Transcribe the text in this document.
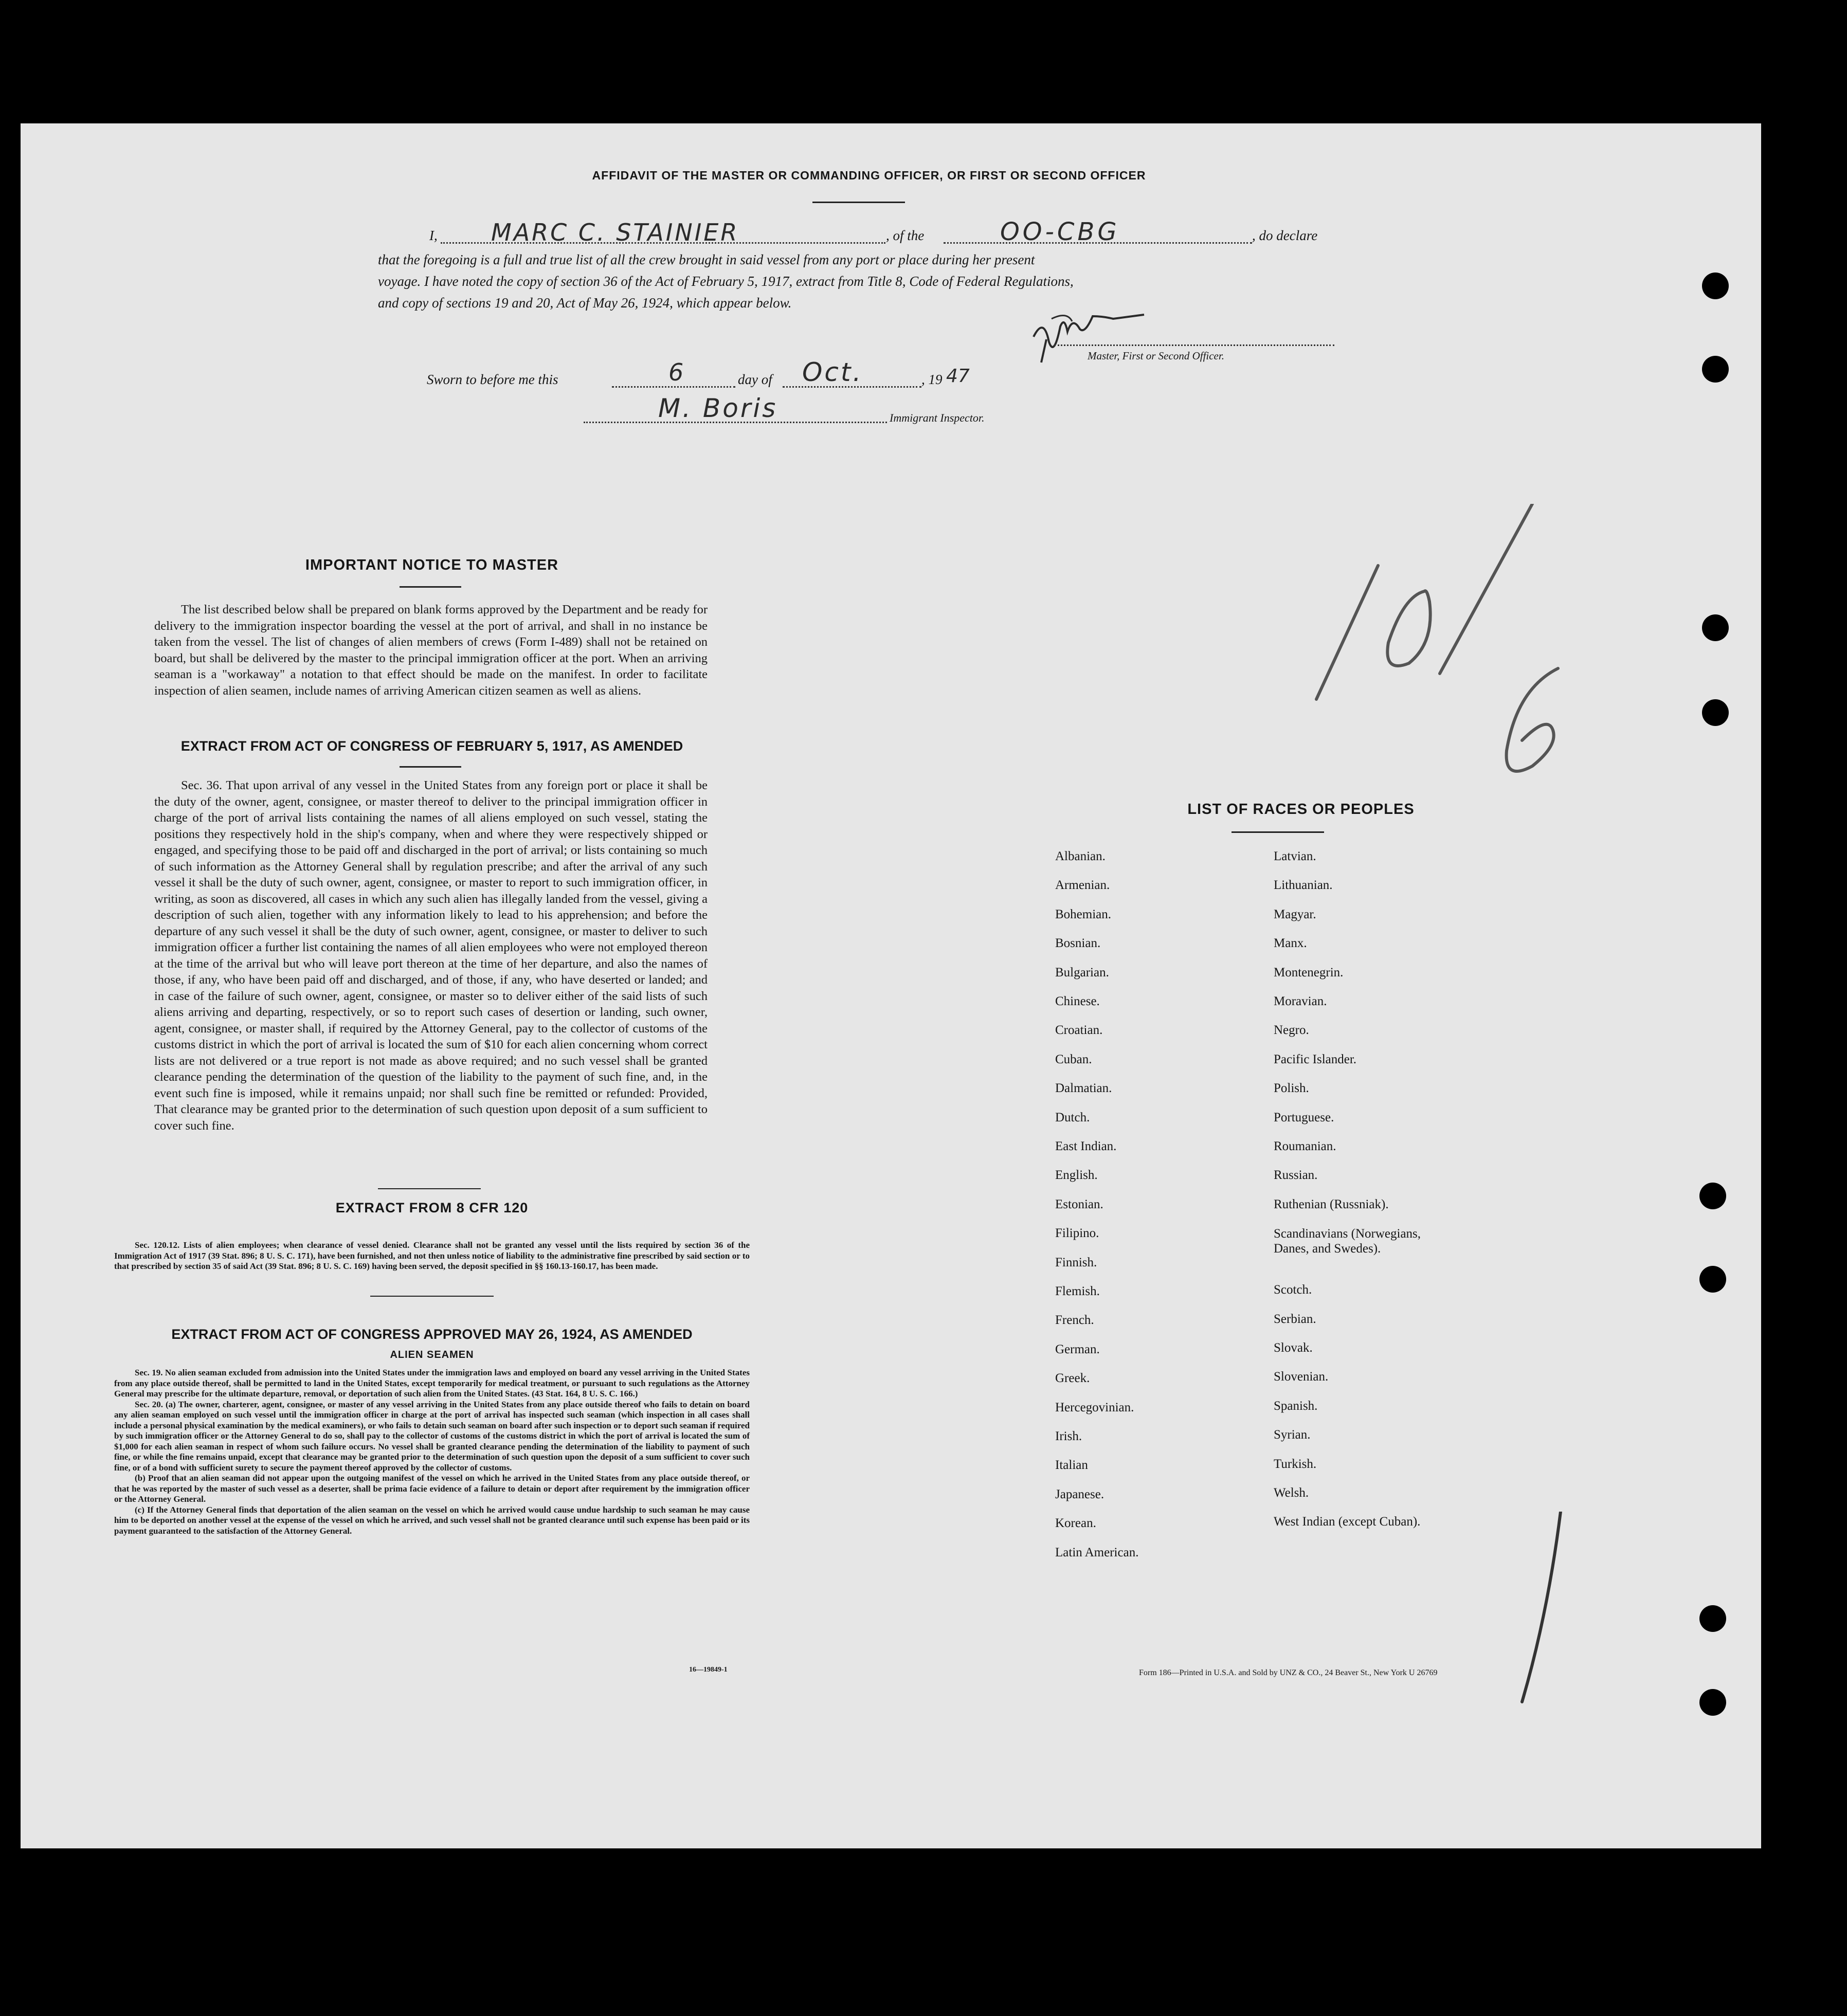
AFFIDAVIT OF THE MASTER OR COMMANDING OFFICER, OR FIRST OR SECOND OFFICER
I, MARC C. STAINIER	, of the	OO-CBG	, do declare
that the foregoing is a full and true list of all the crew brought in said vessel from any port or place during her present
voyage. I have noted the copy of section 36 of the Act of February 5, 1917, extract from Title 8, Code of Federal Regulations,
and copy of sections 19 and 20, Act of May 26, 1924, which appear below.
Master, First or Second Officer.
Sworn to before me this	6	day of Oct.	, 19 47
M. Boris	Immigrant Inspector.
IMPORTANT NOTICE TO MASTER
The list described below shall be prepared on blank forms approved by the Department and be ready for delivery to the immigration inspector boarding the vessel at the port of arrival, and shall in no instance be taken from the vessel. The list of changes of alien members of crews (Form I-489) shall not be retained on board, but shall be delivered by the master to the principal immigration officer at the port. When an arriving seaman is a "workaway" a notation to that effect should be made on the manifest. In order to facilitate inspection of alien seamen, include names of arriving American citizen seamen as well as aliens.
EXTRACT FROM ACT OF CONGRESS OF FEBRUARY 5, 1917, AS AMENDED
Sec. 36. That upon arrival of any vessel in the United States from any foreign port or place it shall be the duty of the owner, agent, consignee, or master thereof to deliver to the principal immigration officer in charge of the port of arrival lists containing the names of all aliens employed on such vessel, stating the positions they respectively hold in the ship's company, when and where they were respectively shipped or engaged, and specifying those to be paid off and discharged in the port of arrival; or lists containing so much of such information as the Attorney General shall by regulation prescribe; and after the arrival of any such vessel it shall be the duty of such owner, agent, consignee, or master to report to such immigration officer, in writing, as soon as discovered, all cases in which any such alien has illegally landed from the vessel, giving a description of such alien, together with any information likely to lead to his apprehension; and before the departure of any such vessel it shall be the duty of such owner, agent, consignee, or master to deliver to such immigration officer a further list containing the names of all alien employees who were not employed thereon at the time of the arrival but who will leave port thereon at the time of her departure, and also the names of those, if any, who have been paid off and discharged, and of those, if any, who have deserted or landed; and in case of the failure of such owner, agent, consignee, or master so to deliver either of the said lists of such aliens arriving and departing, respectively, or so to report such cases of desertion or landing, such owner, agent, consignee, or master shall, if required by the Attorney General, pay to the collector of customs of the customs district in which the port of arrival is located the sum of $10 for each alien concerning whom correct lists are not delivered or a true report is not made as above required; and no such vessel shall be granted clearance pending the determination of the question of the liability to the payment of such fine, and, in the event such fine is imposed, while it remains unpaid; nor shall such fine be remitted or refunded: Provided, That clearance may be granted prior to the determination of such question upon deposit of a sum sufficient to cover such fine.
EXTRACT FROM 8 CFR 120
Sec. 120.12. Lists of alien employees; when clearance of vessel denied. Clearance shall not be granted any vessel until the lists required by section 36 of the Immigration Act of 1917 (39 Stat. 896; 8 U. S. C. 171), have been furnished, and not then unless notice of liability to the administrative fine prescribed by said section or to that prescribed by section 35 of said Act (39 Stat. 896; 8 U. S. C. 169) having been served, the deposit specified in §§ 160.13-160.17, has been made.
EXTRACT FROM ACT OF CONGRESS APPROVED MAY 26, 1924, AS AMENDED
ALIEN SEAMEN
Sec. 19. No alien seaman excluded from admission into the United States under the immigration laws and employed on board any vessel arriving in the United States from any place outside thereof, shall be permitted to land in the United States, except temporarily for medical treatment, or pursuant to such regulations as the Attorney General may prescribe for the ultimate departure, removal, or deportation of such alien from the United States. (43 Stat. 164, 8 U. S. C. 166.)
Sec. 20. (a) The owner, charterer, agent, consignee, or master of any vessel arriving in the United States from any place outside thereof who fails to detain on board any alien seaman employed on such vessel until the immigration officer in charge at the port of arrival has inspected such seaman (which inspection in all cases shall include a personal physical examination by the medical examiners), or who fails to detain such seaman on board after such inspection or to deport such seaman if required by such immigration officer or the Attorney General to do so, shall pay to the collector of customs of the customs district in which the port of arrival is located the sum of $1,000 for each alien seaman in respect of whom such failure occurs. No vessel shall be granted clearance pending the determination of the liability to payment of such fine, or while the fine remains unpaid, except that clearance may be granted prior to the determination of such question upon the deposit of a sum sufficient to cover such fine, or of a bond with sufficient surety to secure the payment thereof approved by the collector of customs.
(b) Proof that an alien seaman did not appear upon the outgoing manifest of the vessel on which he arrived in the United States from any place outside thereof, or that he was reported by the master of such vessel as a deserter, shall be prima facie evidence of a failure to detain or deport after requirement by the immigration officer or the Attorney General.
(c) If the Attorney General finds that deportation of the alien seaman on the vessel on which he arrived would cause undue hardship to such seaman he may cause him to be deported on another vessel at the expense of the vessel on which he arrived, and such vessel shall not be granted clearance until such expense has been paid or its payment guaranteed to the satisfaction of the Attorney General.
16—19849-1
LIST OF RACES OR PEOPLES
Albanian.
Armenian.
Bohemian.
Bosnian.
Bulgarian.
Chinese.
Croatian.
Cuban.
Dalmatian.
Dutch.
East Indian.
English.
Estonian.
Filipino.
Finnish.
Flemish.
French.
German.
Greek.
Hercegovinian.
Irish.
Italian
Japanese.
Korean.
Latin American.
Latvian.
Lithuanian.
Magyar.
Manx.
Montenegrin.
Moravian.
Negro.
Pacific Islander.
Polish.
Portuguese.
Roumanian.
Russian.
Ruthenian (Russniak).
Scandinavians (Norwegians, Danes, and Swedes).
Scotch.
Serbian.
Slovak.
Slovenian.
Spanish.
Syrian.
Turkish.
Welsh.
West Indian (except Cuban).
Form 186—Printed in U.S.A. and Sold by UNZ & CO., 24 Beaver St., New York U 26769
